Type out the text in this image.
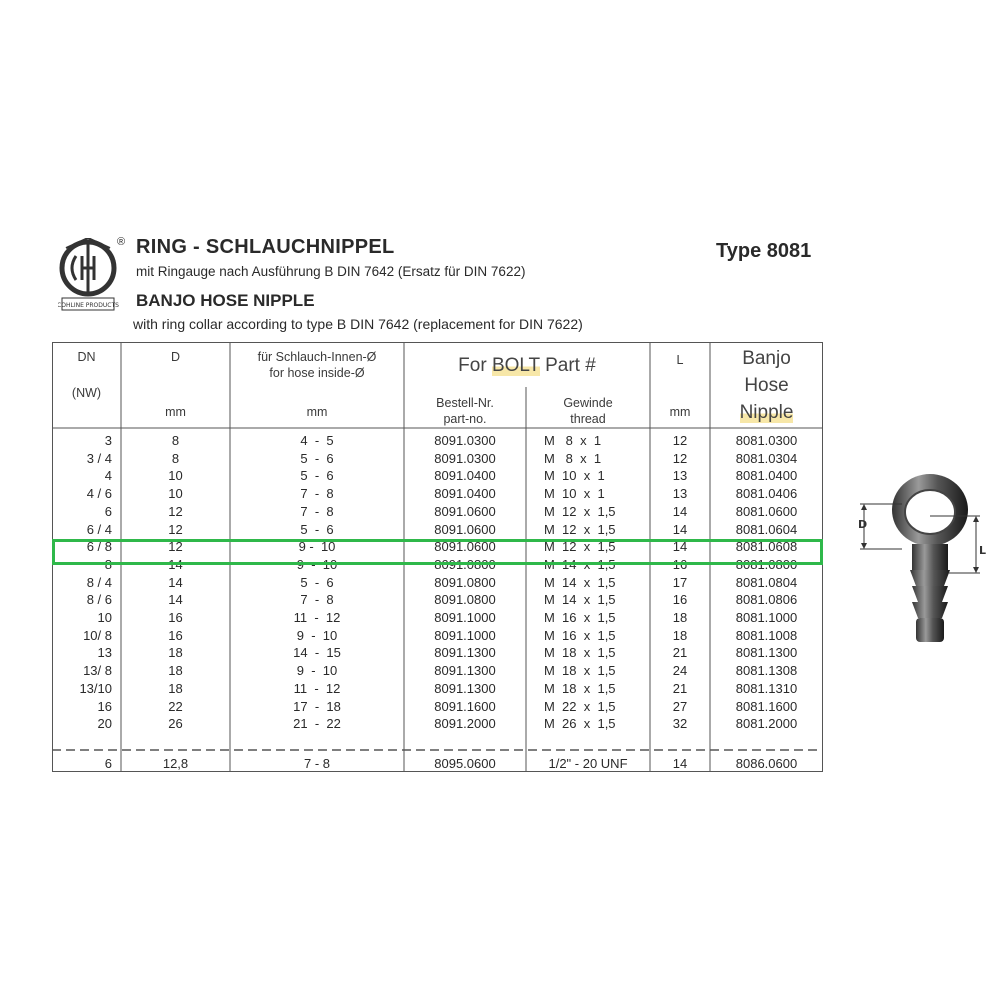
COHLINE PRODUCTS
® RING - SCHLAUCHNIPPEL
mit Ringauge nach Ausführung B DIN 7642 (Ersatz für DIN 7622)
Type 8081
BANJO HOSE NIPPLE
with ring collar according to type B DIN 7642 (replacement for DIN 7622)
DN
(NW)
D
mm
für Schlauch-Innen-Ø
for hose inside-Ø
mm
For BOLT Part #
Bestell-Nr.
part-no.
Gewinde
thread
L
mm
Banjo
Hose
Nipple
3	8	4  -  5	8091.0300	M   8  x  1	12	8081.0300
3 / 4	8	5  -  6	8091.0300	M   8  x  1	12	8081.0304
4	10	5  -  6	8091.0400	M  10  x  1	13	8081.0400
4 / 6	10	7  -  8	8091.0400	M  10  x  1	13	8081.0406
6	12	7  -  8	8091.0600	M  12  x  1,5	14	8081.0600
6 / 4	12	5  -  6	8091.0600	M  12  x  1,5	14	8081.0604
6 / 8	12	9 -  10	8091.0600	M  12  x  1,5	14	8081.0608
8	14	9  -  10	8091.0800	M  14  x  1,5	16	8081.0800
8 / 4	14	5  -  6	8091.0800	M  14  x  1,5	17	8081.0804
8 / 6	14	7  -  8	8091.0800	M  14  x  1,5	16	8081.0806
10	16	11  -  12	8091.1000	M  16  x  1,5	18	8081.1000
10/ 8	16	9  -  10	8091.1000	M  16  x  1,5	18	8081.1008
13	18	14  -  15	8091.1300	M  18  x  1,5	21	8081.1300
13/ 8	18	9  -  10	8091.1300	M  18  x  1,5	24	8081.1308
13/10	18	11  -  12	8091.1300	M  18  x  1,5	21	8081.1310
16	22	17  -  18	8091.1600	M  22  x  1,5	27	8081.1600
20	26	21  -  22	8091.2000	M  26  x  1,5	32	8081.2000
6	12,8	7 - 8	8095.0600	1/2" - 20 UNF	14	8086.0600
D
L
